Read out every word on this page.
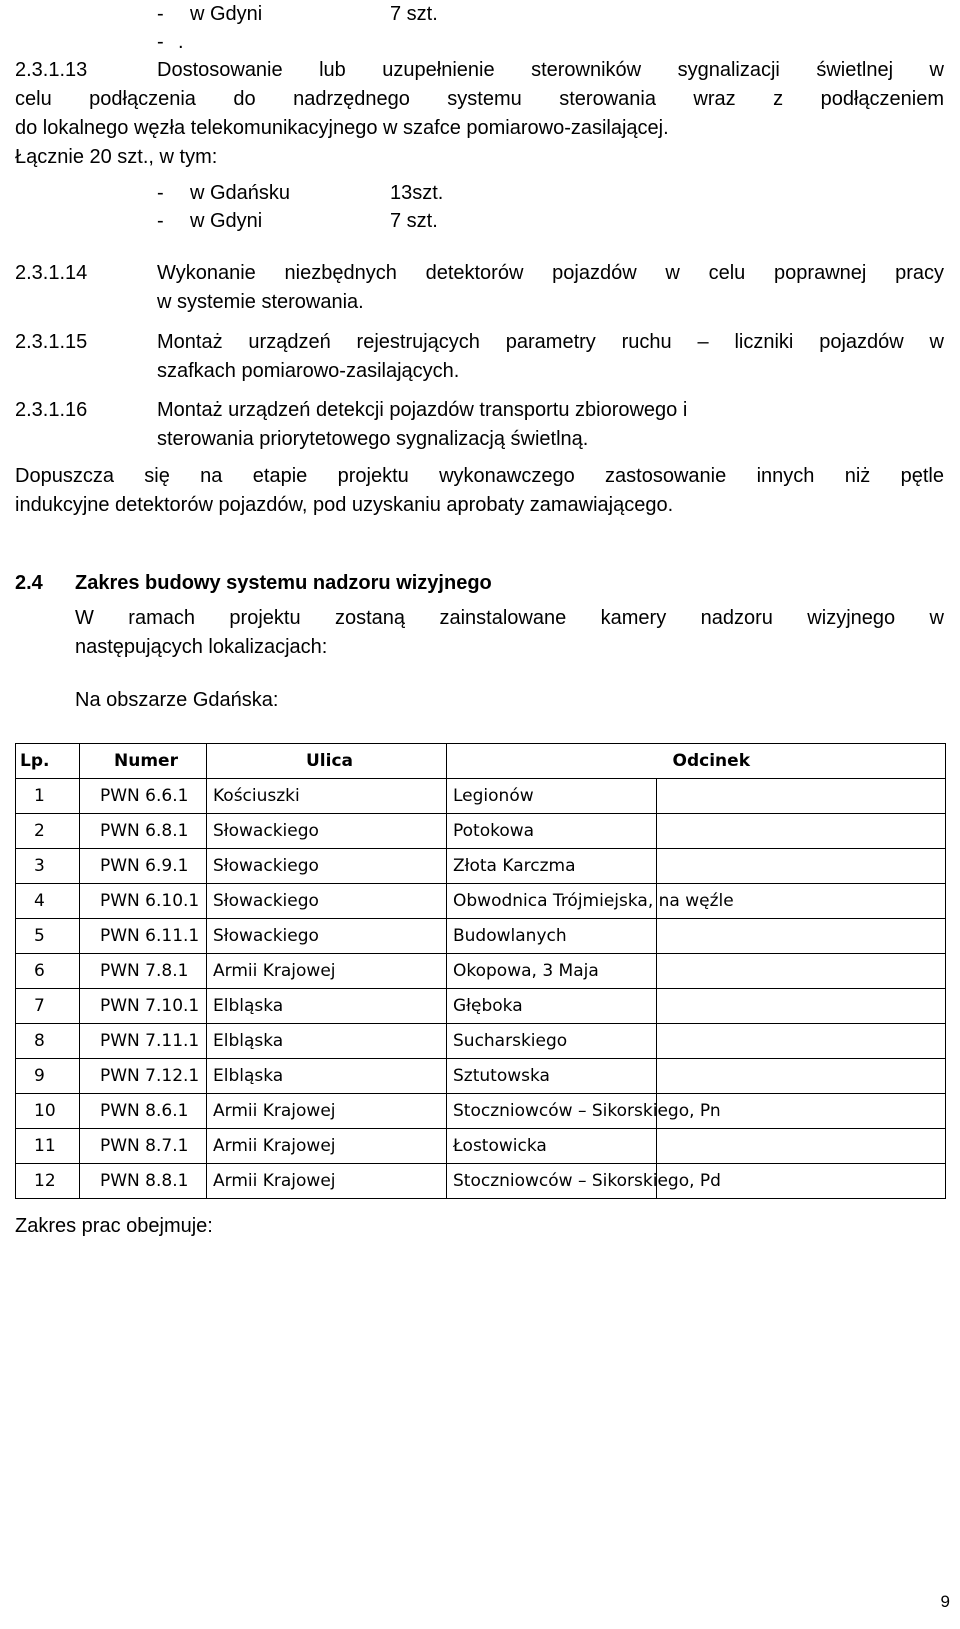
- w Gdyni	7 szt.
- .
2.3.1.13	Dostosowanie lub uzupełnienie sterowników sygnalizacji świetlnej w
celu podłączenia do nadrzędnego systemu sterowania wraz z podłączeniem
do lokalnego węzła telekomunikacyjnego w szafce pomiarowo-zasilającej.
Łącznie 20 szt., w tym:
- w Gdańsku	13szt.
- w Gdyni	7 szt.
2.3.1.14	Wykonanie niezbędnych detektorów pojazdów w celu poprawnej pracy
w systemie sterowania.
2.3.1.15	Montaż urządzeń rejestrujących parametry ruchu – liczniki pojazdów w
szafkach pomiarowo-zasilających.
2.3.1.16	Montaż urządzeń detekcji pojazdów transportu zbiorowego i
sterowania priorytetowego sygnalizacją świetlną.
Dopuszcza się na etapie projektu wykonawczego zastosowanie innych niż pętle
indukcyjne detektorów pojazdów, pod uzyskaniu aprobaty zamawiającego.
2.4 Zakres budowy systemu nadzoru wizyjnego
W ramach projektu zostaną zainstalowane kamery nadzoru wizyjnego w
następujących lokalizacjach:
Na obszarze Gdańska:
Lp.	Numer	Ulica	Odcinek	
1	PWN 6.6.1	Kościuszki	Legionów	
2	PWN 6.8.1	Słowackiego	Potokowa	
3	PWN 6.9.1	Słowackiego	Złota Karczma	
4	PWN 6.10.1	Słowackiego	Obwodnica Trójmiejska, na węźle	
5	PWN 6.11.1	Słowackiego	Budowlanych	
6	PWN 7.8.1	Armii Krajowej	Okopowa, 3 Maja	
7	PWN 7.10.1	Elbląska	Głęboka	
8	PWN 7.11.1	Elbląska	Sucharskiego	
9	PWN 7.12.1	Elbląska	Sztutowska	
10	PWN 8.6.1	Armii Krajowej	Stoczniowców – Sikorskiego, Pn	
11	PWN 8.7.1	Armii Krajowej	Łostowicka	
12	PWN 8.8.1	Armii Krajowej	Stoczniowców – Sikorskiego, Pd	
Zakres prac obejmuje:
9
